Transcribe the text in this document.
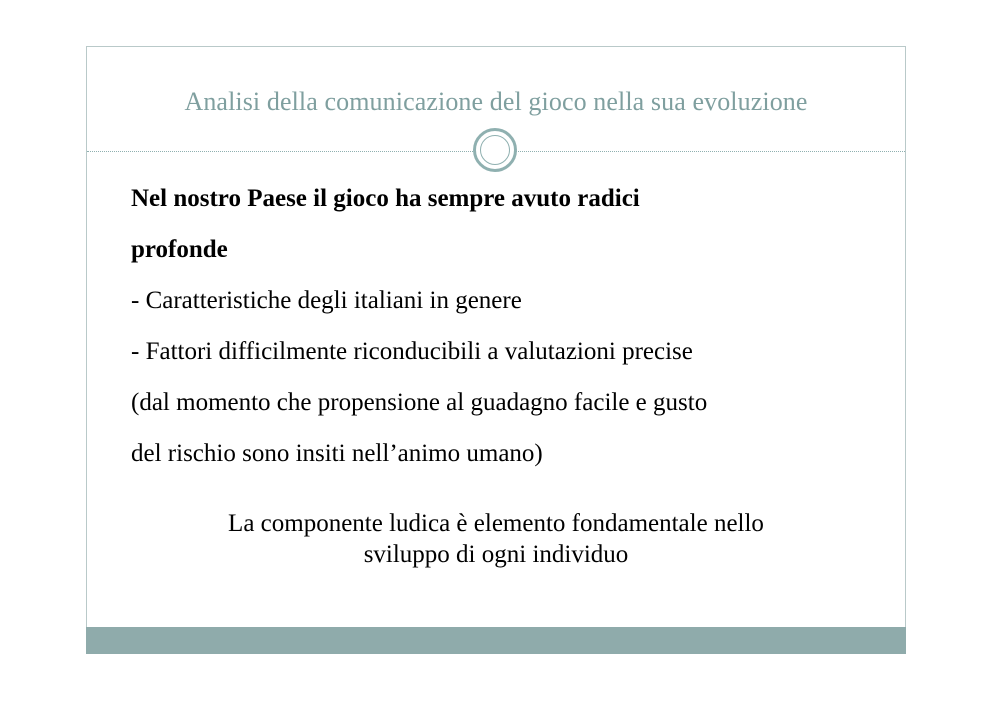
Analisi della comunicazione del gioco nella sua evoluzione
Nel nostro Paese il gioco ha sempre avuto radici
profonde
- Caratteristiche degli italiani in genere
- Fattori difficilmente riconducibili a valutazioni precise
(dal momento che propensione al guadagno facile e gusto
del rischio sono insiti nell’animo umano)
La componente ludica è elemento fondamentale nello
sviluppo di ogni individuo
